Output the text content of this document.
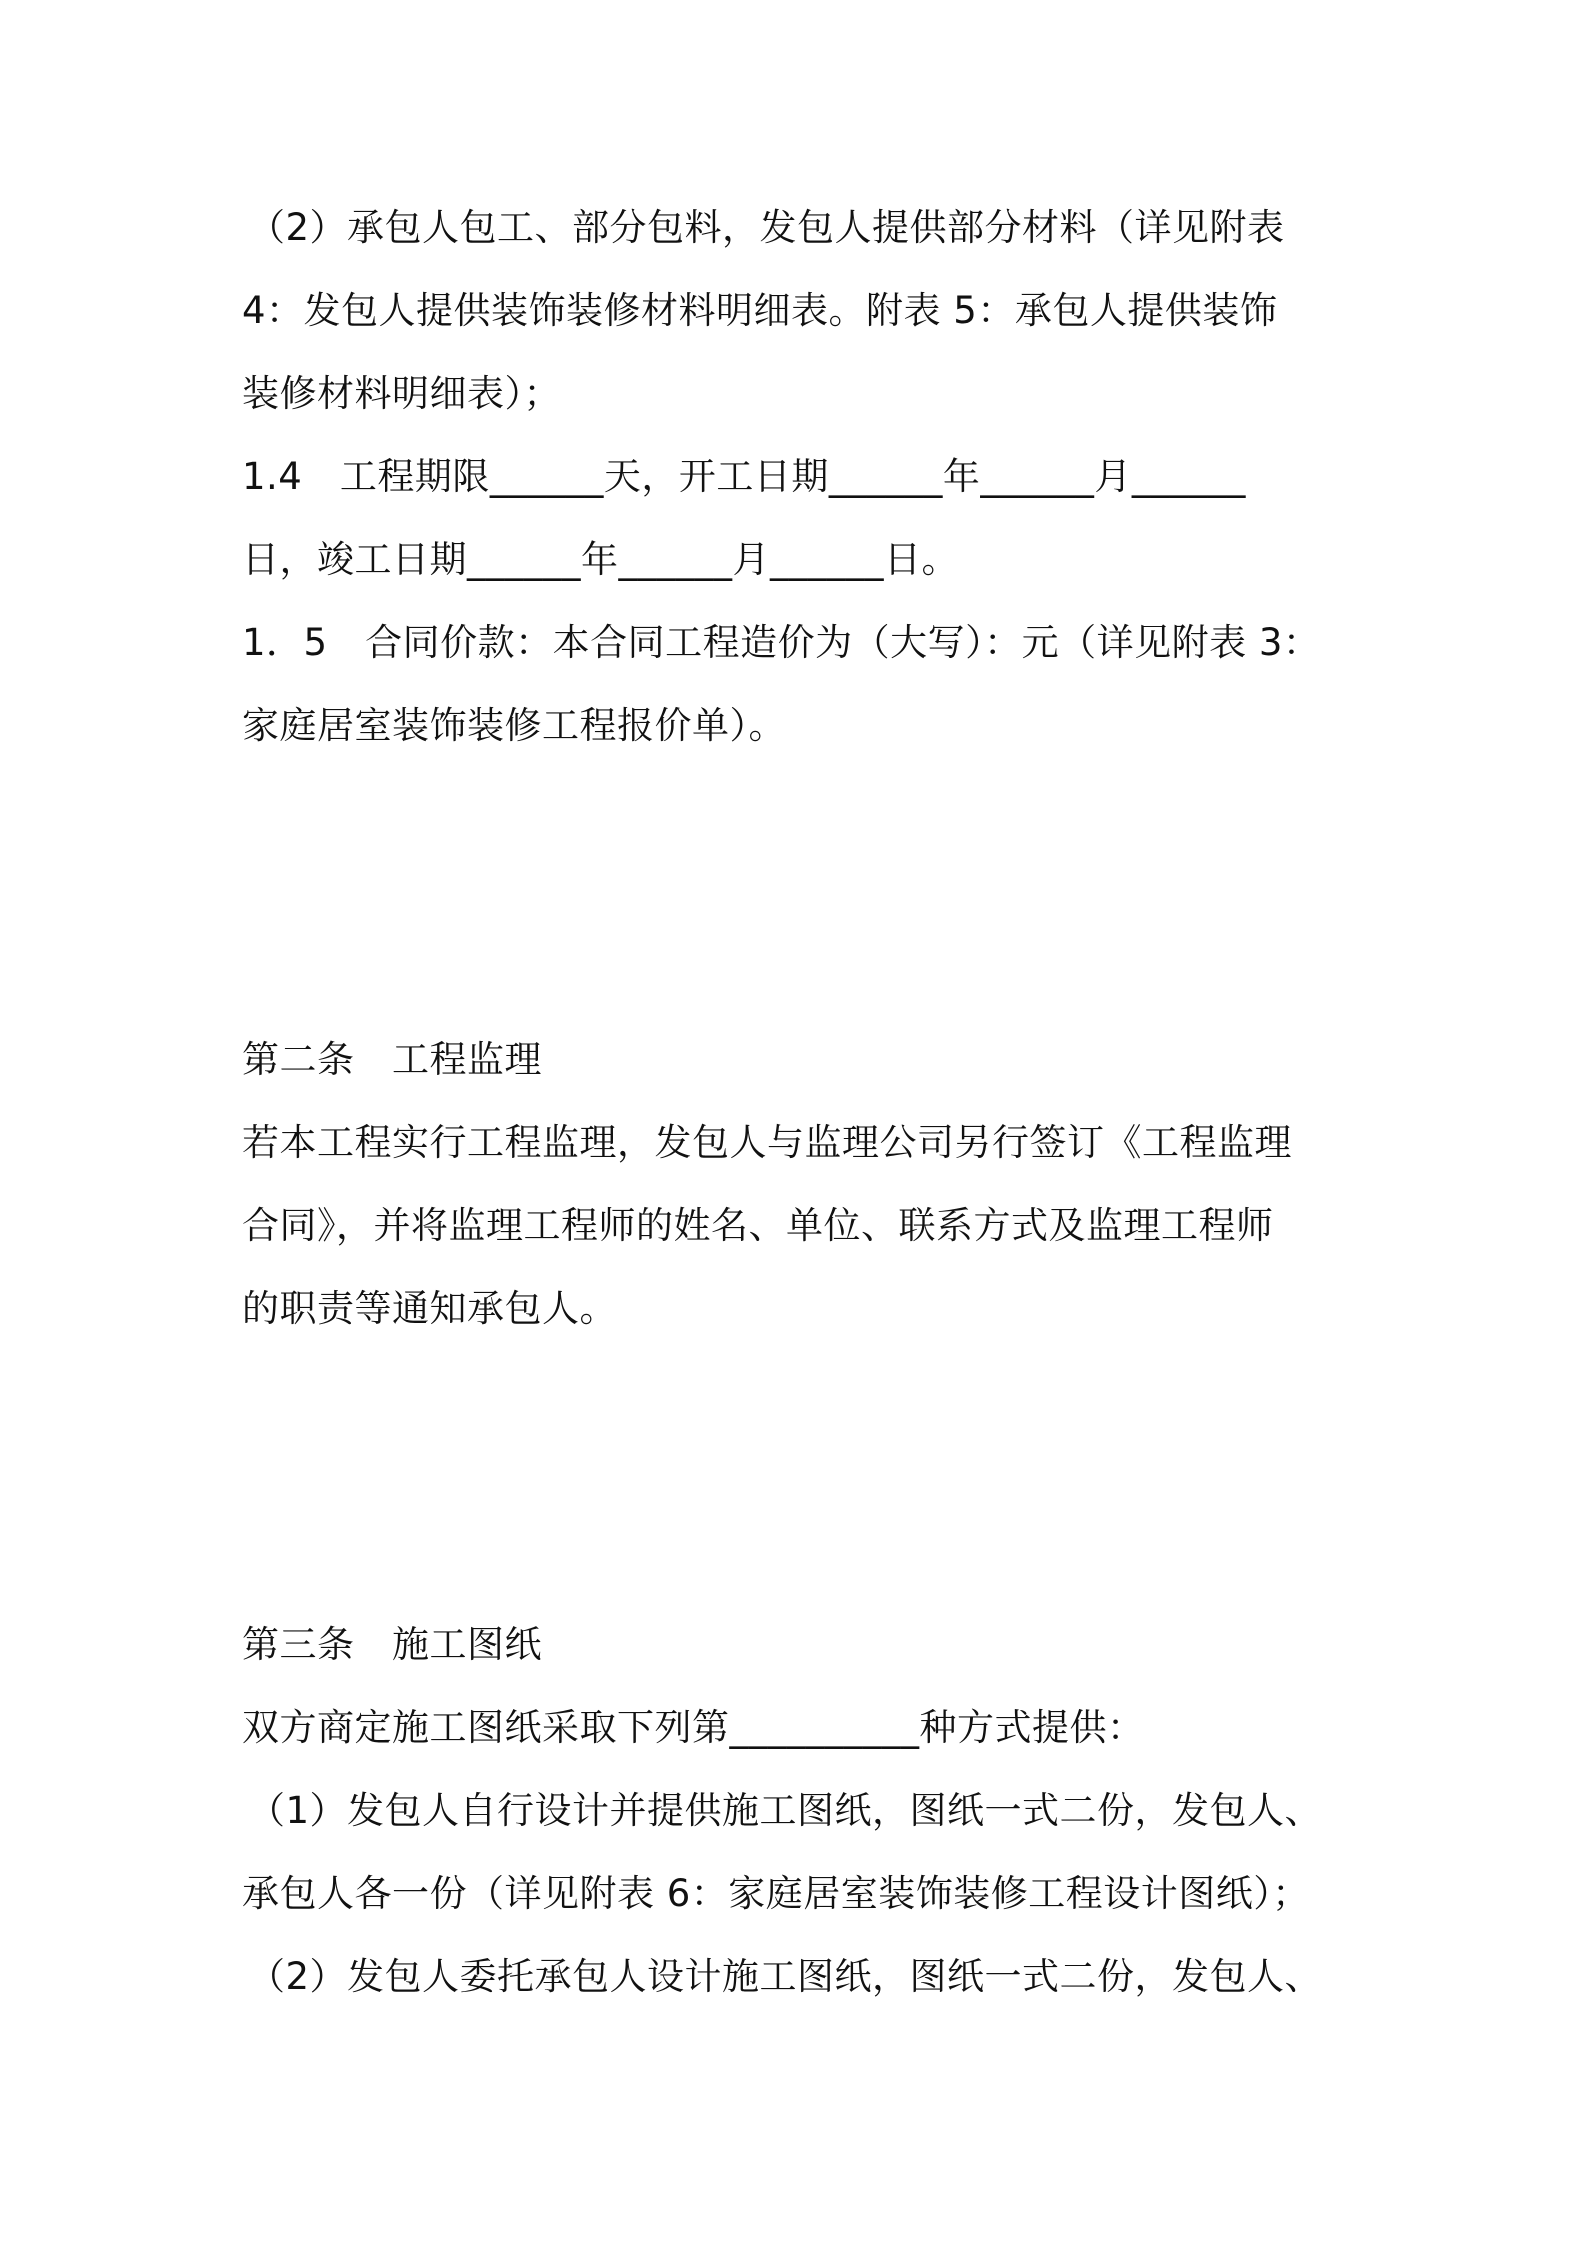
（2）承包人包工、部分包料，发包人提供部分材料（详见附表
4：发包人提供装饰装修材料明细表。附表 5：承包人提供装饰
装修材料明细表）；
1.4　工程期限______天，开工日期______年______月______
日，竣工日期______年______月______日。
1．5　合同价款：本合同工程造价为（大写）：元（详见附表 3：
家庭居室装饰装修工程报价单）。
第二条　工程监理
若本工程实行工程监理，发包人与监理公司另行签订《工程监理
合同》，并将监理工程师的姓名、单位、联系方式及监理工程师
的职责等通知承包人。
第三条　施工图纸
双方商定施工图纸采取下列第__________种方式提供：
（1）发包人自行设计并提供施工图纸，图纸一式二份，发包人、
承包人各一份（详见附表 6：家庭居室装饰装修工程设计图纸）；
（2）发包人委托承包人设计施工图纸，图纸一式二份，发包人、
